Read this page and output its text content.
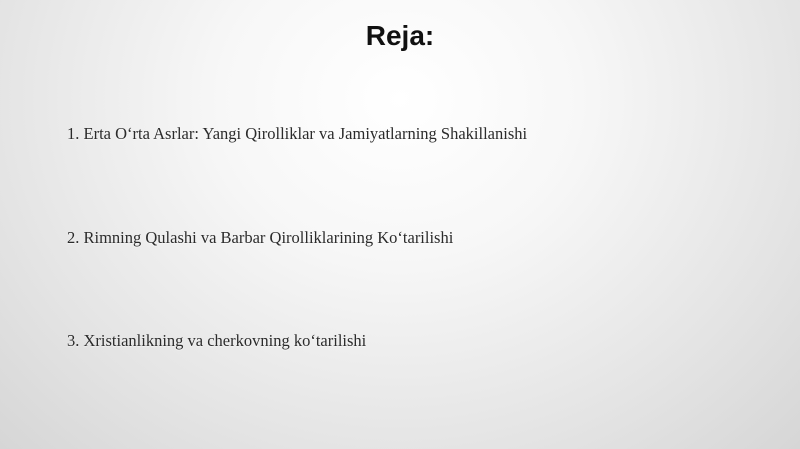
Reja:
1. Erta O‘rta Asrlar: Yangi Qirolliklar va Jamiyatlarning Shakillanishi
2. Rimning Qulashi va Barbar Qirolliklarining Ko‘tarilishi
3. Xristianlikning va cherkovning ko‘tarilishi
